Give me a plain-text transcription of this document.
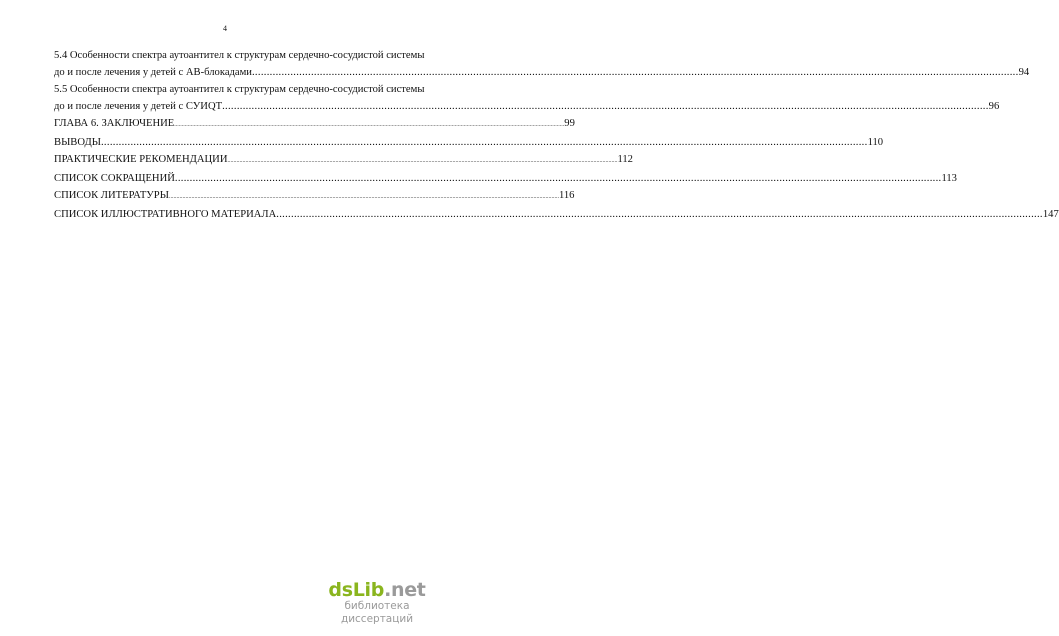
4
5.4 Особенности спектра аутоантител к структурам сердечно-сосудистой системы
до и после лечения у детей с АВ-блокадами .................................................................................................................................................................................................................................................................... 94
5.5 Особенности спектра аутоантител к структурам сердечно-сосудистой системы
до и после лечения у детей с СУИQT .................................................................................................................................................................................................................................................................... 96
ГЛАВА 6. ЗАКЛЮЧЕНИЕ .................................................................................................................................................................................................................................................................... 99
ВЫВОДЫ .................................................................................................................................................................................................................................................................... 110
ПРАКТИЧЕСКИЕ РЕКОМЕНДАЦИИ .................................................................................................................................................................................................................................................................... 112
СПИСОК СОКРАЩЕНИЙ .................................................................................................................................................................................................................................................................... 113
СПИСОК ЛИТЕРАТУРЫ .................................................................................................................................................................................................................................................................... 116
СПИСОК ИЛЛЮСТРАТИВНОГО МАТЕРИАЛА .................................................................................................................................................................................................................................................................... 147
dsLib.net
библиотека диссертаций
